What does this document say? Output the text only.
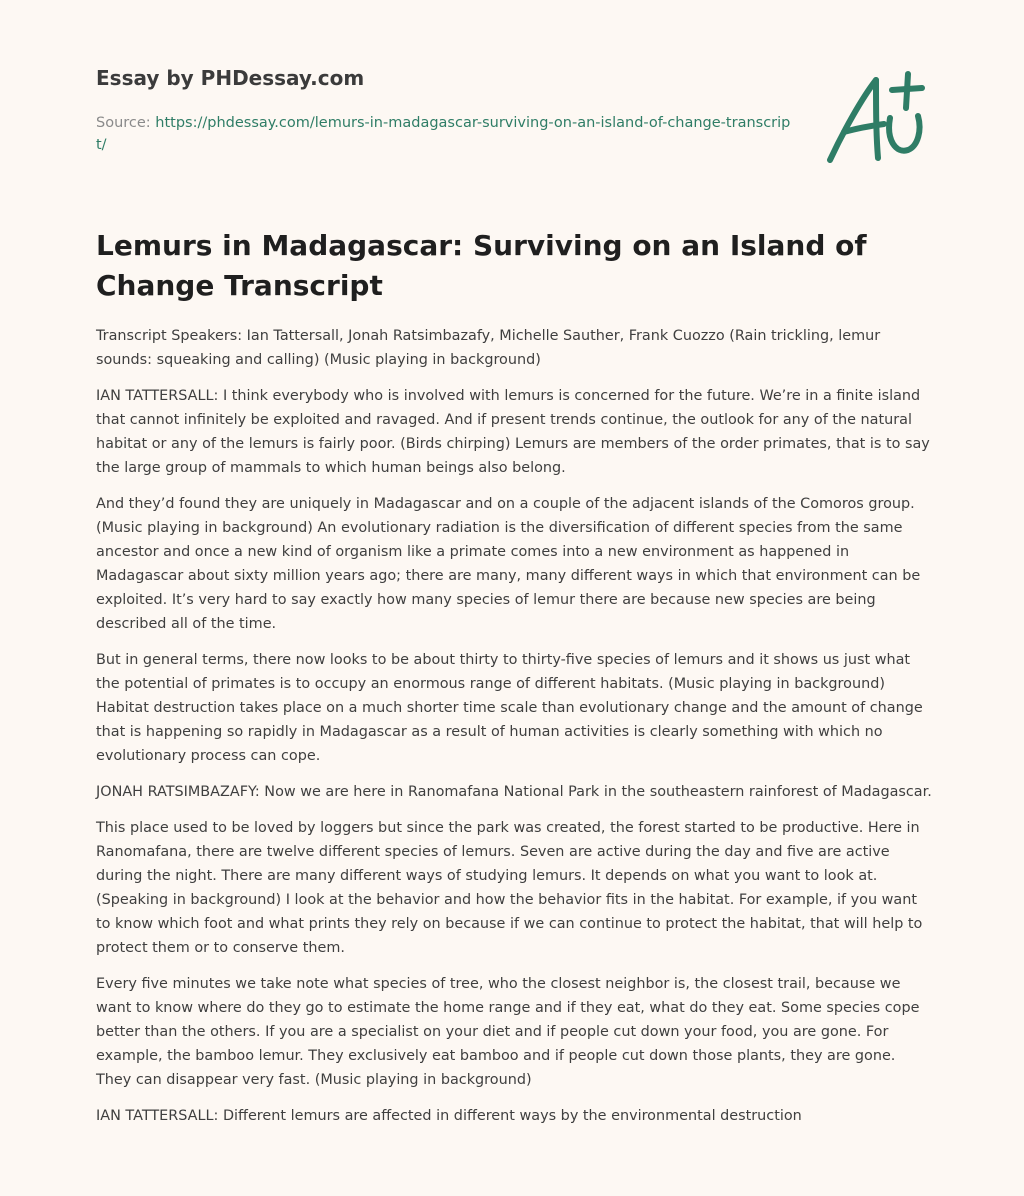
Essay by PHDessay.com
Source: https://phdessay.com/lemurs-in-madagascar-surviving-on-an-island-of-change-transcript/
Lemurs in Madagascar: Surviving on an Island of Change Transcript

Transcript Speakers: Ian Tattersall, Jonah Ratsimbazafy, Michelle Sauther, Frank Cuozzo (Rain trickling, lemur sounds: squeaking and calling) (Music playing in background)

IAN TATTERSALL: I think everybody who is involved with lemurs is concerned for the future. We’re in a finite island that cannot infinitely be exploited and ravaged. And if present trends continue, the outlook for any of the natural habitat or any of the lemurs is fairly poor. (Birds chirping) Lemurs are members of the order primates, that is to say the large group of mammals to which human beings also belong.

And they’d found they are uniquely in Madagascar and on a couple of the adjacent islands of the Comoros group. (Music playing in background) An evolutionary radiation is the diversification of different species from the same ancestor and once a new kind of organism like a primate comes into a new environment as happened in Madagascar about sixty million years ago; there are many, many different ways in which that environment can be exploited. It’s very hard to say exactly how many species of lemur there are because new species are being described all of the time.

But in general terms, there now looks to be about thirty to thirty-five species of lemurs and it shows us just what the potential of primates is to occupy an enormous range of different habitats. (Music playing in background) Habitat destruction takes place on a much shorter time scale than evolutionary change and the amount of change that is happening so rapidly in Madagascar as a result of human activities is clearly something with which no evolutionary process can cope.

JONAH RATSIMBAZAFY: Now we are here in Ranomafana National Park in the southeastern rainforest of Madagascar.

This place used to be loved by loggers but since the park was created, the forest started to be productive. Here in Ranomafana, there are twelve different species of lemurs. Seven are active during the day and five are active during the night. There are many different ways of studying lemurs. It depends on what you want to look at. (Speaking in background) I look at the behavior and how the behavior fits in the habitat. For example, if you want to know which foot and what prints they rely on because if we can continue to protect the habitat, that will help to protect them or to conserve them.

Every five minutes we take note what species of tree, who the closest neighbor is, the closest trail, because we want to know where do they go to estimate the home range and if they eat, what do they eat. Some species cope better than the others. If you are a specialist on your diet and if people cut down your food, you are gone. For example, the bamboo lemur. They exclusively eat bamboo and if people cut down those plants, they are gone. They can disappear very fast. (Music playing in background)

IAN TATTERSALL: Different lemurs are affected in different ways by the environmental destruction
